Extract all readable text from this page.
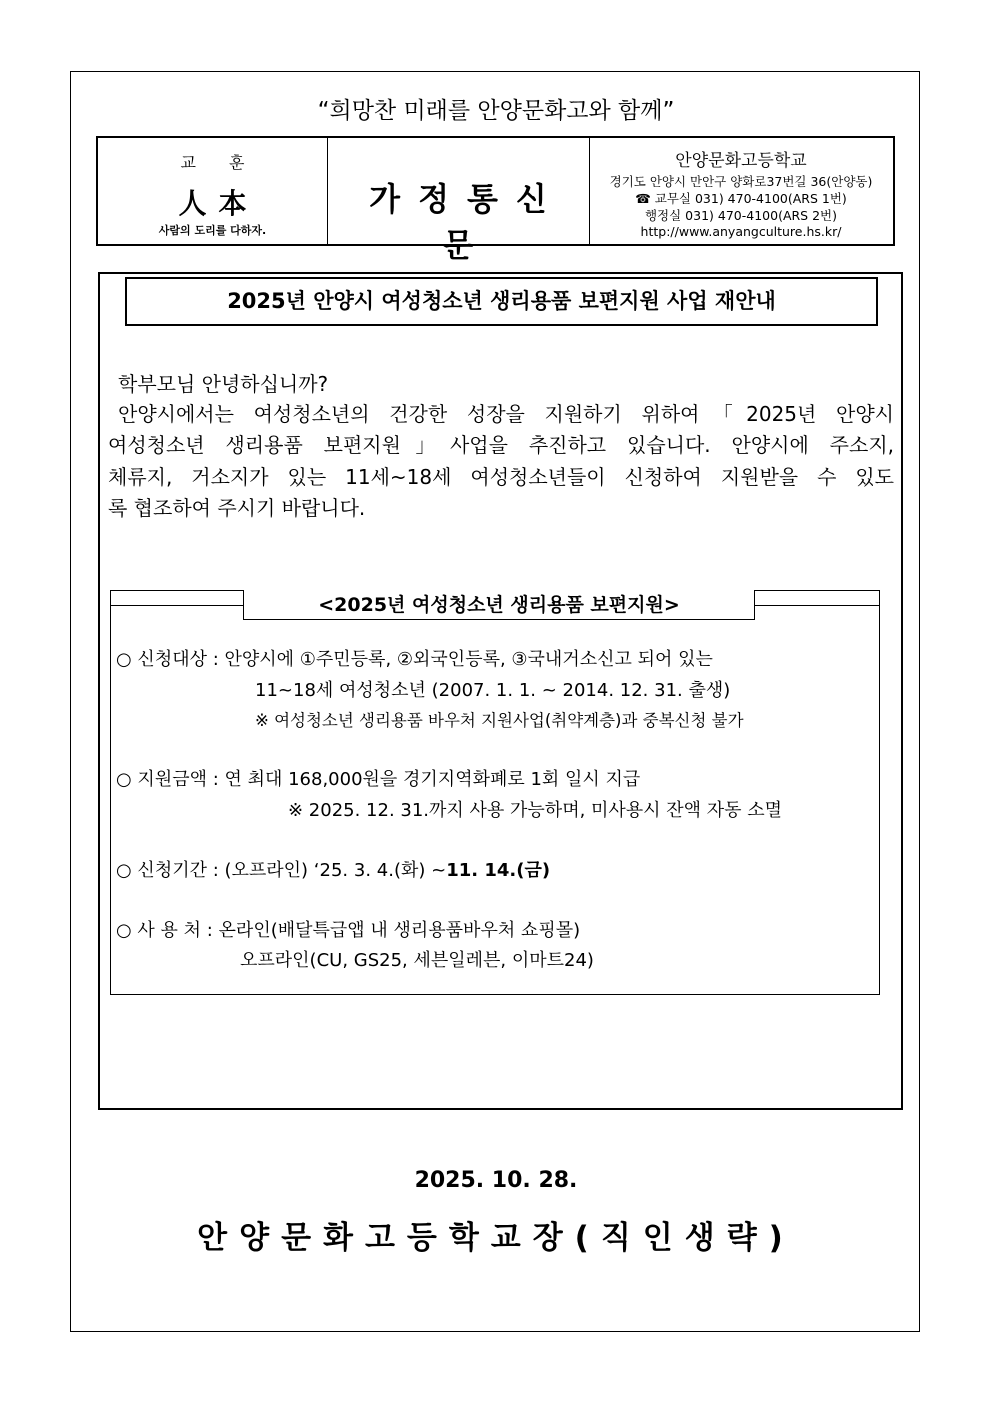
“희망찬 미래를 안양문화고와 함께”
교 훈
人本
사람의 도리를 다하자.
가정통신문
안양문화고등학교
경기도 안양시 만안구 양화로37번길 36(안양동)
☎ 교무실 031) 470-4100(ARS 1번)
행정실 031) 470-4100(ARS 2번)
http://www.anyangculture.hs.kr/
2025년 안양시 여성청소년 생리용품 보편지원 사업 재안내
학부모님 안녕하십니까?
안양시에서는 여성청소년의 건강한 성장을 지원하기 위하여「2025년 안양시
여성청소년 생리용품 보편지원」사업을 추진하고 있습니다. 안양시에 주소지,
체류지, 거소지가 있는 11세~18세 여성청소년들이 신청하여 지원받을 수 있도
록 협조하여 주시기 바랍니다.
<2025년 여성청소년 생리용품 보편지원>
○ 신청대상 : 안양시에 ①주민등록, ②외국인등록, ③국내거소신고 되어 있는
11~18세 여성청소년 (2007. 1. 1. ~ 2014. 12. 31. 출생)
※ 여성청소년 생리용품 바우처 지원사업(취약계층)과 중복신청 불가
○ 지원금액 : 연 최대 168,000원을 경기지역화폐로 1회 일시 지급
※ 2025. 12. 31.까지 사용 가능하며, 미사용시 잔액 자동 소멸
○ 신청기간 : (오프라인) ‘25. 3. 4.(화) ~11. 14.(금)
○ 사 용 처 : 온라인(배달특급앱 내 생리용품바우처 쇼핑몰)
오프라인(CU, GS25, 세븐일레븐, 이마트24)
2025. 10. 28.
안양문화고등학교장(직인생략)
